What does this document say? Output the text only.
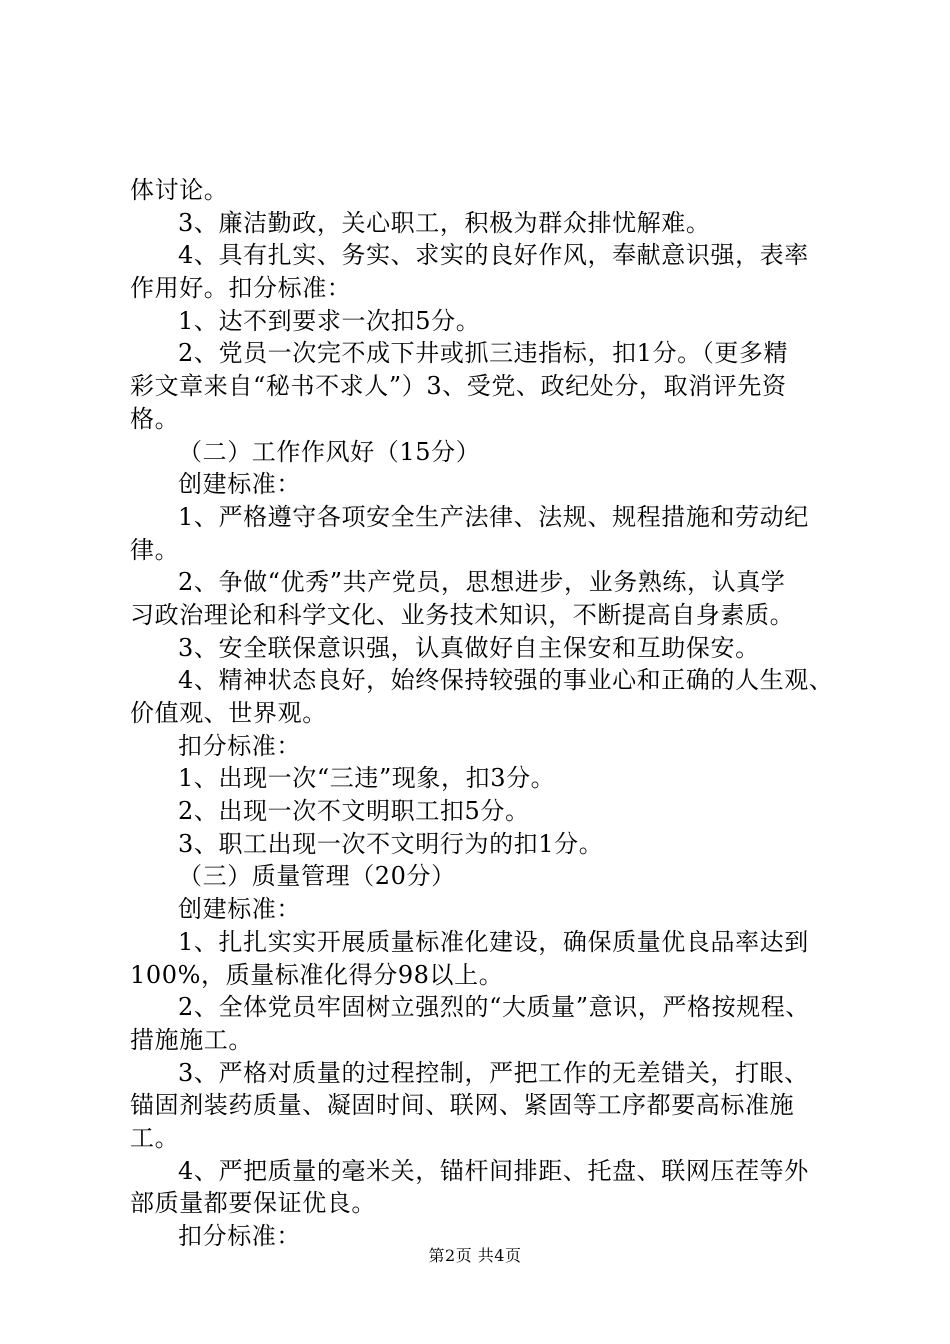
体讨论。
3、廉洁勤政，关心职工，积极为群众排忧解难。
4、具有扎实、务实、求实的良好作风，奉献意识强，表率
作用好。扣分标准：
1、达不到要求一次扣5分。
2、党员一次完不成下井或抓三违指标，扣1分。（更多精
彩文章来自“秘书不求人”）3、受党、政纪处分，取消评先资
格。
（二）工作作风好（15分）
创建标准：
1、严格遵守各项安全生产法律、法规、规程措施和劳动纪
律。
2、争做“优秀”共产党员，思想进步，业务熟练，认真学
习政治理论和科学文化、业务技术知识，不断提高自身素质。
3、安全联保意识强，认真做好自主保安和互助保安。
4、精神状态良好，始终保持较强的事业心和正确的人生观、
价值观、世界观。
扣分标准：
1、出现一次“三违”现象，扣3分。
2、出现一次不文明职工扣5分。
3、职工出现一次不文明行为的扣1分。
（三）质量管理（20分）
创建标准：
1、扎扎实实开展质量标准化建设，确保质量优良品率达到
100%，质量标准化得分98以上。
2、全体党员牢固树立强烈的“大质量”意识，严格按规程、
措施施工。
3、严格对质量的过程控制，严把工作的无差错关，打眼、
锚固剂装药质量、凝固时间、联网、紧固等工序都要高标准施
工。
4、严把质量的毫米关，锚杆间排距、托盘、联网压茬等外
部质量都要保证优良。
扣分标准：
第2页 共4页
